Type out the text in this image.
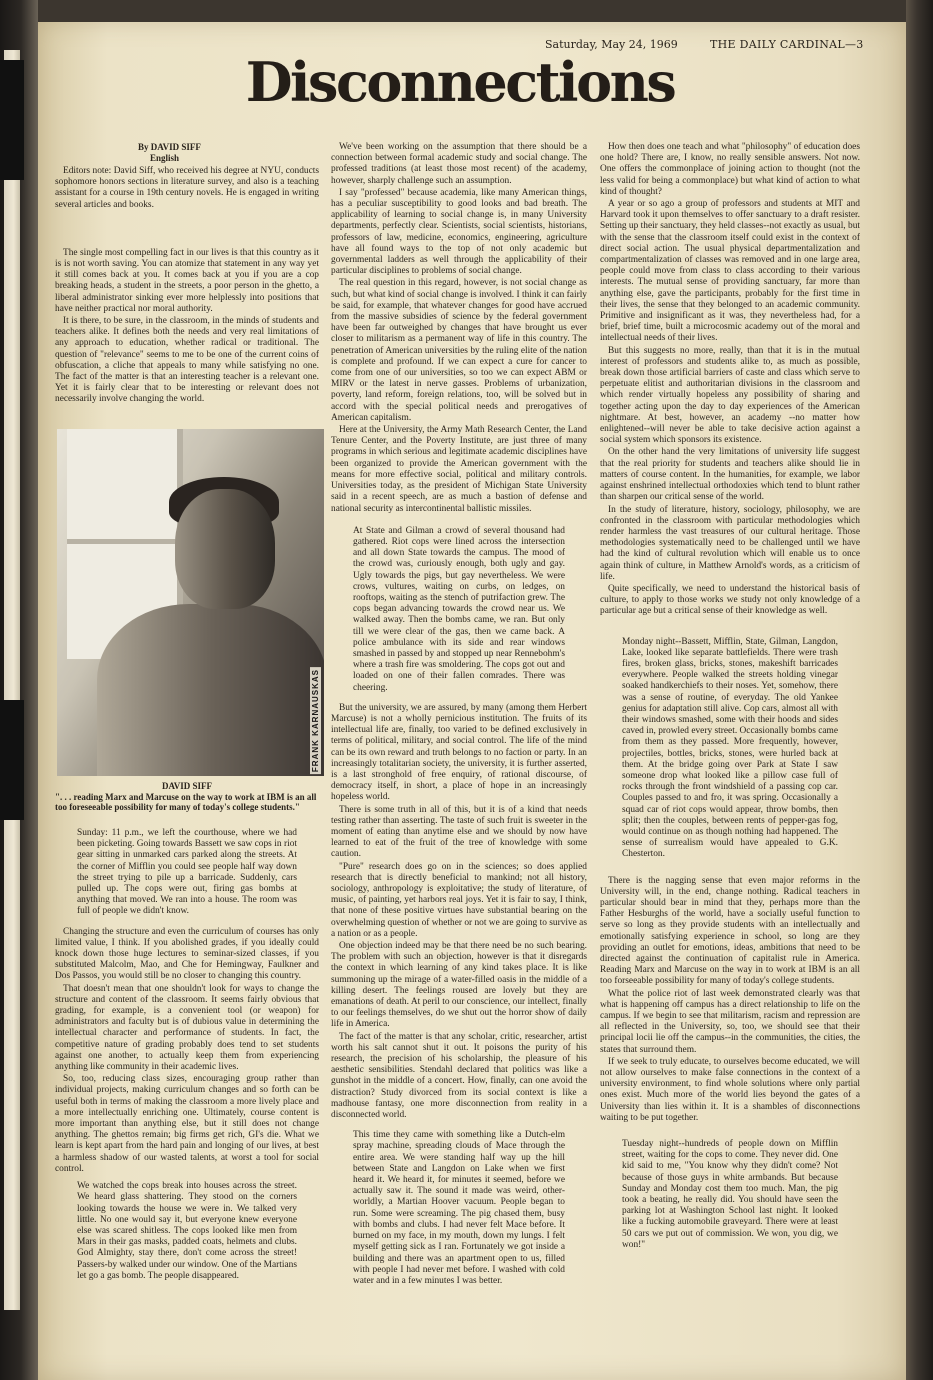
Saturday, May 24, 1969	THE DAILY CARDINAL—3
Disconnections
By DAVID SIFF
English

Editors note: David Siff, who received his degree at NYU, conducts sophomore honors sections in literature survey, and also is a teaching assistant for a course in 19th century novels. He is engaged in writing several articles and books.

The single most compelling fact in our lives is that this country as it is is not worth saving. You can atomize that statement in any way yet it still comes back at you. It comes back at you if you are a cop breaking heads, a student in the streets, a poor person in the ghetto, a liberal administrator sinking ever more helplessly into positions that have neither practical nor moral authority.

It is there, to be sure, in the classroom, in the minds of students and teachers alike. It defines both the needs and very real limitations of any approach to education, whether radical or traditional. The question of "relevance" seems to me to be one of the current coins of obfuscation, a cliche that appeals to many while satisfying no one. The fact of the matter is that an interesting teacher is a relevant one. Yet it is fairly clear that to be interesting or relevant does not necessarily involve changing the world.

FRANK KARNAUSKAS
DAVID SIFF
". . . reading Marx and Marcuse on the way to work at IBM is an all too foreseeable possibility for many of today's college students."

Sunday: 11 p.m., we left the courthouse, where we had been picketing. Going towards Bassett we saw cops in riot gear sitting in unmarked cars parked along the streets. At the corner of Mifflin you could see people half way down the street trying to pile up a barricade. Suddenly, cars pulled up. The cops were out, firing gas bombs at anything that moved. We ran into a house. The room was full of people we didn't know.

Changing the structure and even the curriculum of courses has only limited value, I think. If you abolished grades, if you ideally could knock down those huge lectures to seminar-sized classes, if you substituted Malcolm, Mao, and Che for Hemingway, Faulkner and Dos Passos, you would still be no closer to changing this country.

That doesn't mean that one shouldn't look for ways to change the structure and content of the classroom. It seems fairly obvious that grading, for example, is a convenient tool (or weapon) for administrators and faculty but is of dubious value in determining the intellectual character and performance of students. In fact, the competitive nature of grading probably does tend to set students against one another, to actually keep them from experiencing anything like community in their academic lives.

So, too, reducing class sizes, encouraging group rather than individual projects, making curriculum changes and so forth can be useful both in terms of making the classroom a more lively place and a more intellectually enriching one. Ultimately, course content is more important than anything else, but it still does not change anything. The ghettos remain; big firms get rich, GI's die. What we learn is kept apart from the hard pain and longing of our lives, at best a harmless shadow of our wasted talents, at worst a tool for social control.

We watched the cops break into houses across the street. We heard glass shattering. They stood on the corners looking towards the house we were in. We talked very little. No one would say it, but everyone knew everyone else was scared shitless. The cops looked like men from Mars in their gas masks, padded coats, helmets and clubs. God Almighty, stay there, don't come across the street! Passers-by walked under our window. One of the Martians let go a gas bomb. The people disappeared.

We've been working on the assumption that there should be a connection between formal academic study and social change. The professed traditions (at least those most recent) of the academy, however, sharply challenge such an assumption.

I say "professed" because academia, like many American things, has a peculiar susceptibility to good looks and bad breath. The applicability of learning to social change is, in many University departments, perfectly clear. Scientists, social scientists, historians, professors of law, medicine, economics, engineering, agriculture have all found ways to the top of not only academic but governmental ladders as well through the applicability of their particular disciplines to problems of social change.

The real question in this regard, however, is not social change as such, but what kind of social change is involved. I think it can fairly be said, for example, that whatever changes for good have accrued from the massive subsidies of science by the federal government have been far outweighed by changes that have brought us ever closer to militarism as a permanent way of life in this country. The penetration of American universities by the ruling elite of the nation is complete and profound. If we can expect a cure for cancer to come from one of our universities, so too we can expect ABM or MIRV or the latest in nerve gasses. Problems of urbanization, poverty, land reform, foreign relations, too, will be solved but in accord with the special political needs and prerogatives of American capitalism.

Here at the University, the Army Math Research Center, the Land Tenure Center, and the Poverty Institute, are just three of many programs in which serious and legitimate academic disciplines have been organized to provide the American government with the means for more effective social, political and military controls. Universities today, as the president of Michigan State University said in a recent speech, are as much a bastion of defense and national security as intercontinental ballistic missiles.

At State and Gilman a crowd of several thousand had gathered. Riot cops were lined across the intersection and all down State towards the campus. The mood of the crowd was, curiously enough, both ugly and gay. Ugly towards the pigs, but gay nevertheless. We were crows, vultures, waiting on curbs, on ledges, on rooftops, waiting as the stench of putrifaction grew. The cops began advancing towards the crowd near us. We walked away. Then the bombs came, we ran. But only till we were clear of the gas, then we came back. A police ambulance with its side and rear windows smashed in passed by and stopped up near Rennebohm's where a trash fire was smoldering. The cops got out and loaded on one of their fallen comrades. There was cheering.

But the university, we are assured, by many (among them Herbert Marcuse) is not a wholly pernicious institution. The fruits of its intellectual life are, finally, too varied to be defined exclusively in terms of political, military, and social control. The life of the mind can be its own reward and truth belongs to no faction or party. In an increasingly totalitarian society, the university, it is further asserted, is a last stronghold of free enquiry, of rational discourse, of democracy itself, in short, a place of hope in an increasingly hopeless world.

There is some truth in all of this, but it is of a kind that needs testing rather than asserting. The taste of such fruit is sweeter in the moment of eating than anytime else and we should by now have learned to eat of the fruit of the tree of knowledge with some caution.

"Pure" research does go on in the sciences; so does applied research that is directly beneficial to mankind; not all history, sociology, anthropology is exploitative; the study of literature, of music, of painting, yet harbors real joys. Yet it is fair to say, I think, that none of these positive virtues have substantial bearing on the overwhelming question of whether or not we are going to survive as a nation or as a people.

One objection indeed may be that there need be no such bearing. The problem with such an objection, however is that it disregards the context in which learning of any kind takes place. It is like summoning up the mirage of a water-filled oasis in the middle of a killing desert. The feelings roused are lovely but they are emanations of death. At peril to our conscience, our intellect, finally to our feelings themselves, do we shut out the horror show of daily life in America.

The fact of the matter is that any scholar, critic, researcher, artist worth his salt cannot shut it out. It poisons the purity of his research, the precision of his scholarship, the pleasure of his aesthetic sensibilities. Stendahl declared that politics was like a gunshot in the middle of a concert. How, finally, can one avoid the distraction? Study divorced from its social context is like a madhouse fantasy, one more disconnection from reality in a disconnected world.

This time they came with something like a Dutch-elm spray machine, spreading clouds of Mace through the entire area. We were standing half way up the hill between State and Langdon on Lake when we first heard it. We heard it, for minutes it seemed, before we actually saw it. The sound it made was weird, other-worldly, a Martian Hoover vacuum. People began to run. Some were screaming. The pig chased them, busy with bombs and clubs. I had never felt Mace before. It burned on my face, in my mouth, down my lungs. I felt myself getting sick as I ran. Fortunately we got inside a building and there was an apartment open to us, filled with people I had never met before. I washed with cold water and in a few minutes I was better.

How then does one teach and what "philosophy" of education does one hold? There are, I know, no really sensible answers. Not now. One offers the commonplace of joining action to thought (not the less valid for being a commonplace) but what kind of action to what kind of thought?

A year or so ago a group of professors and students at MIT and Harvard took it upon themselves to offer sanctuary to a draft resister. Setting up their sanctuary, they held classes--not exactly as usual, but with the sense that the classroom itself could exist in the context of direct social action. The usual physical departmentalization and compartmentalization of classes was removed and in one large area, people could move from class to class according to their various interests. The mutual sense of providing sanctuary, far more than anything else, gave the participants, probably for the first time in their lives, the sense that they belonged to an academic community. Primitive and insignificant as it was, they nevertheless had, for a brief, brief time, built a microcosmic academy out of the moral and intellectual needs of their lives.

But this suggests no more, really, than that it is in the mutual interest of professors and students alike to, as much as possible, break down those artificial barriers of caste and class which serve to perpetuate elitist and authoritarian divisions in the classroom and which render virtually hopeless any possibility of sharing and together acting upon the day to day experiences of the American nightmare. At best, however, an academy --no matter how enlightened--will never be able to take decisive action against a social system which sponsors its existence.

On the other hand the very limitations of university life suggest that the real priority for students and teachers alike should lie in matters of course content. In the humanities, for example, we labor against enshrined intellectual orthodoxies which tend to blunt rather than sharpen our critical sense of the world.

In the study of literature, history, sociology, philosophy, we are confronted in the classroom with particular methodologies which render harmless the vast treasures of our cultural heritage. Those methodologies systematically need to be challenged until we have had the kind of cultural revolution which will enable us to once again think of culture, in Matthew Arnold's words, as a criticism of life.

Quite specifically, we need to understand the historical basis of culture, to apply to those works we study not only knowledge of a particular age but a critical sense of their knowledge as well.

Monday night--Bassett, Mifflin, State, Gilman, Langdon, Lake, looked like separate battlefields. There were trash fires, broken glass, bricks, stones, makeshift barricades everywhere. People walked the streets holding vinegar soaked handkerchiefs to their noses. Yet, somehow, there was a sense of routine, of everyday. The old Yankee genius for adaptation still alive. Cop cars, almost all with their windows smashed, some with their hoods and sides caved in, prowled every street. Occasionally bombs came from them as they passed. More frequently, however, projectiles, bottles, bricks, stones, were hurled back at them. At the bridge going over Park at State I saw someone drop what looked like a pillow case full of rocks through the front windshield of a passing cop car. Couples passed to and fro, it was spring. Occasionally a squad car of riot cops would appear, throw bombs, then split; then the couples, between rents of pepper-gas fog, would continue on as though nothing had happened. The sense of surrealism would have appealed to G.K. Chesterton.

There is the nagging sense that even major reforms in the University will, in the end, change nothing. Radical teachers in particular should bear in mind that they, perhaps more than the Father Hesburghs of the world, have a socially useful function to serve so long as they provide students with an intellectually and emotionally satisfying experience in school, so long are they providing an outlet for emotions, ideas, ambitions that need to be directed against the continuation of capitalist rule in America. Reading Marx and Marcuse on the way in to work at IBM is an all too forseeable possibility for many of today's college students.

What the police riot of last week demonstrated clearly was that what is happening off campus has a direct relationship to life on the campus. If we begin to see that militarism, racism and repression are all reflected in the University, so, too, we should see that their principal locii lie off the campus--in the communities, the cities, the states that surround them.

If we seek to truly educate, to ourselves become educated, we will not allow ourselves to make false connections in the context of a university environment, to find whole solutions where only partial ones exist. Much more of the world lies beyond the gates of a University than lies within it. It is a shambles of disconnections waiting to be put together.

Tuesday night--hundreds of people down on Mifflin street, waiting for the cops to come. They never did. One kid said to me, "You know why they didn't come? Not because of those guys in white armbands. But because Sunday and Monday cost them too much. Man, the pig took a beating, he really did. You should have seen the parking lot at Washington School last night. It looked like a fucking automobile graveyard. There were at least 50 cars we put out of commission. We won, you dig, we won!"
